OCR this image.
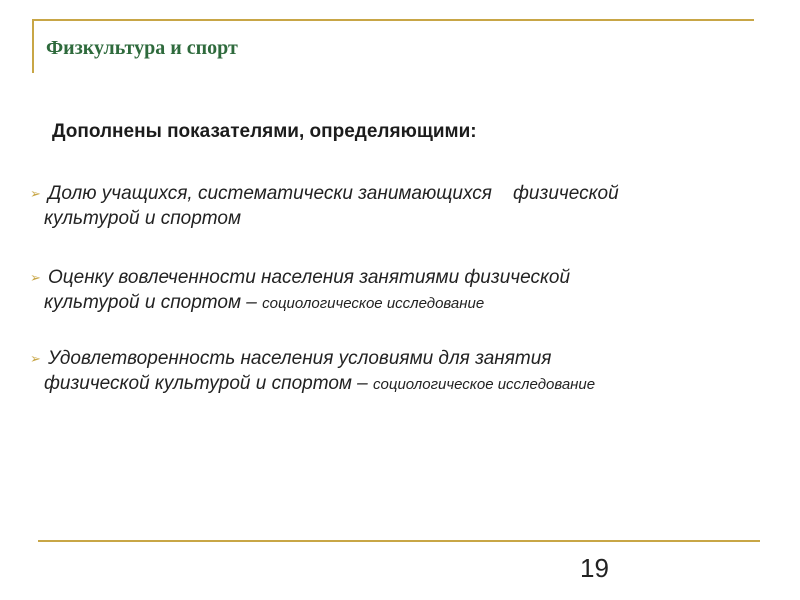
Физкультура и спорт
Дополнены показателями, определяющими:
➢ Долю учащихся, систематически занимающихся    физической
культурой и спортом
➢ Оценку вовлеченности населения занятиями физической
культурой и спортом – социологическое исследование
➢ Удовлетворенность населения условиями для занятия
физической культурой и спортом – социологическое исследование
19
